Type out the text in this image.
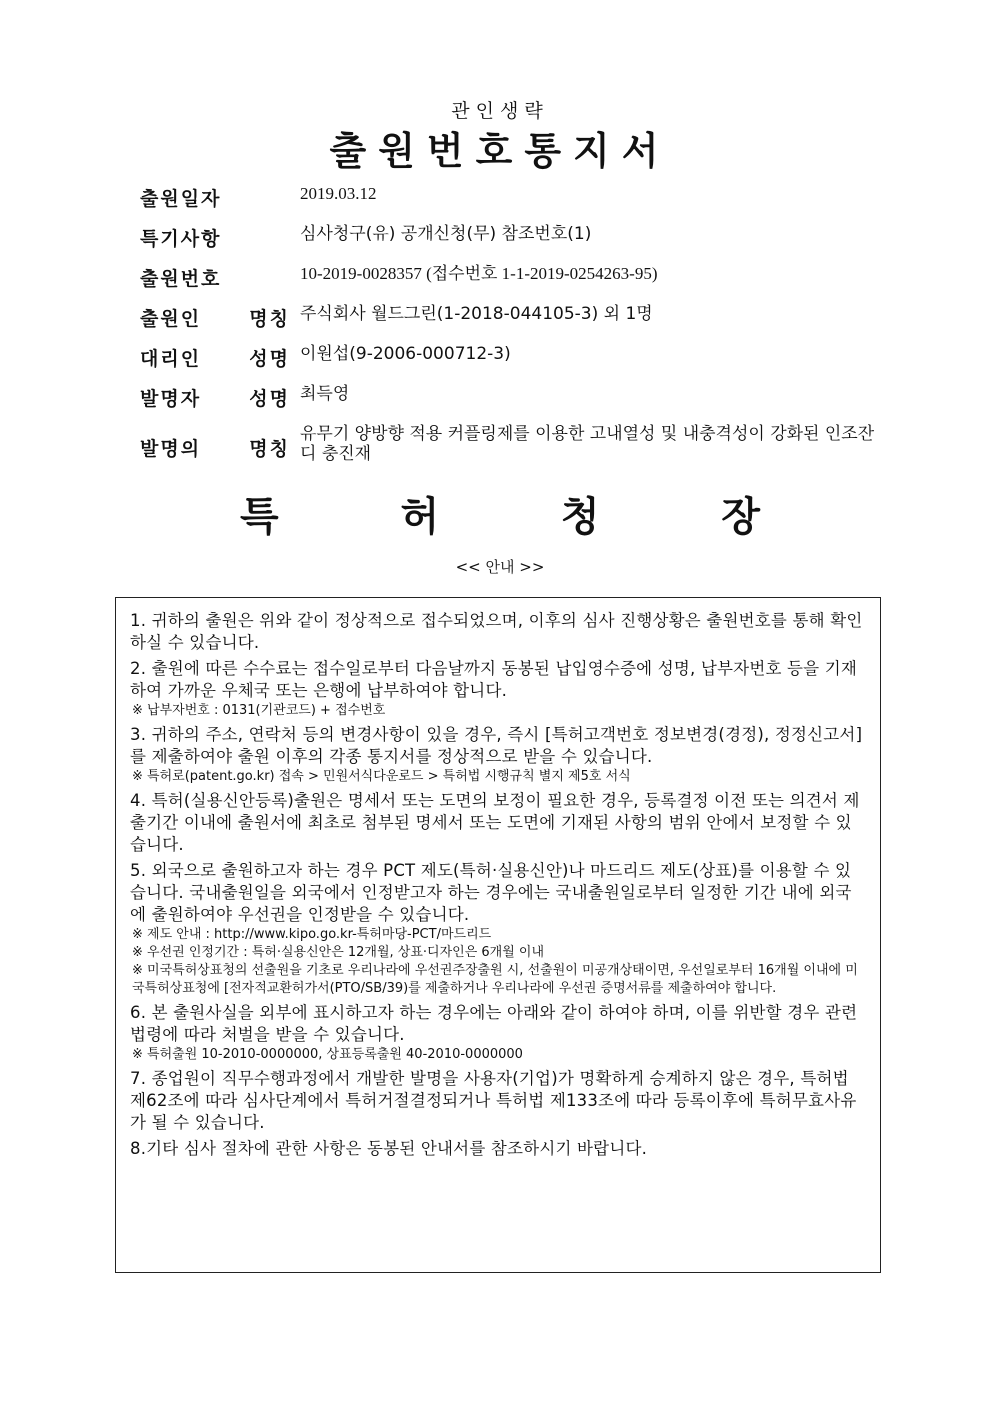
관인생략
출원번호통지서
출원일자	2019.03.12
특기사항	심사청구(유) 공개신청(무) 참조번호(1)
출원번호	10-2019-0028357 (접수번호 1-1-2019-0254263-95)
출원인 명칭 주식회사 월드그린(1-2018-044105-3) 외 1명
대리인 성명 이원섭(9-2006-000712-3)
발명자 성명 최득영
발명의 명칭
유무기 양방향 적용 커플링제를 이용한 고내열성 및 내충격성이 강화된 인조잔디 충진재
특	허	청	장
<< 안내 >>
1. 귀하의 출원은 위와 같이 정상적으로 접수되었으며, 이후의 심사 진행상황은 출원번호를 통해 확인하실 수 있습니다.
2. 출원에 따른 수수료는 접수일로부터 다음날까지 동봉된 납입영수증에 성명, 납부자번호 등을 기재하여 가까운 우체국 또는 은행에 납부하여야 합니다.
※ 납부자번호 : 0131(기관코드) + 접수번호
3. 귀하의 주소, 연락처 등의 변경사항이 있을 경우, 즉시 [특허고객번호 정보변경(경정), 정정신고서]를 제출하여야 출원 이후의 각종 통지서를 정상적으로 받을 수 있습니다.
※ 특허로(patent.go.kr) 접속 > 민원서식다운로드 > 특허법 시행규칙 별지 제5호 서식
4. 특허(실용신안등록)출원은 명세서 또는 도면의 보정이 필요한 경우, 등록결정 이전 또는 의견서 제출기간 이내에 출원서에 최초로 첨부된 명세서 또는 도면에 기재된 사항의 범위 안에서 보정할 수 있습니다.
5. 외국으로 출원하고자 하는 경우 PCT 제도(특허·실용신안)나 마드리드 제도(상표)를 이용할 수 있습니다. 국내출원일을 외국에서 인정받고자 하는 경우에는 국내출원일로부터 일정한 기간 내에 외국에 출원하여야 우선권을 인정받을 수 있습니다.
※ 제도 안내 : http://www.kipo.go.kr-특허마당-PCT/마드리드
※ 우선권 인정기간 : 특허·실용신안은 12개월, 상표·디자인은 6개월 이내
※ 미국특허상표청의 선출원을 기초로 우리나라에 우선권주장출원 시, 선출원이 미공개상태이면, 우선일로부터 16개월 이내에 미국특허상표청에 [전자적교환허가서(PTO/SB/39)를 제출하거나 우리나라에 우선권 증명서류를 제출하여야 합니다.
6. 본 출원사실을 외부에 표시하고자 하는 경우에는 아래와 같이 하여야 하며, 이를 위반할 경우 관련법령에 따라 처벌을 받을 수 있습니다.
※ 특허출원 10-2010-0000000, 상표등록출원 40-2010-0000000
7. 종업원이 직무수행과정에서 개발한 발명을 사용자(기업)가 명확하게 승계하지 않은 경우, 특허법 제62조에 따라 심사단계에서 특허거절결정되거나 특허법 제133조에 따라 등록이후에 특허무효사유가 될 수 있습니다.
8.기타 심사 절차에 관한 사항은 동봉된 안내서를 참조하시기 바랍니다.
